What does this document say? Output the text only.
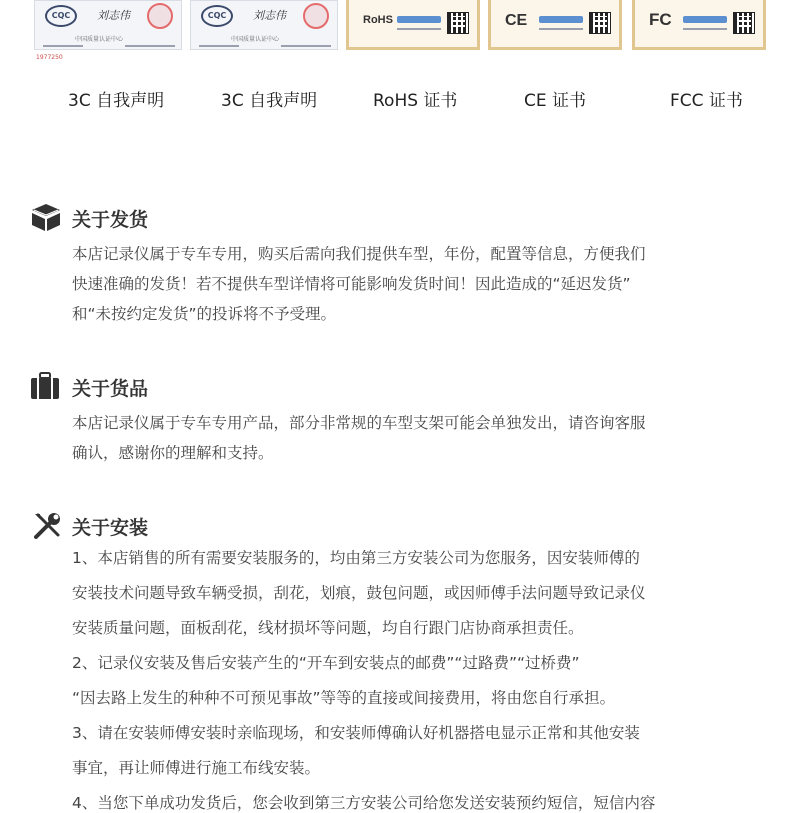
CQC	刘志伟
中国质量认证中心
CQC	刘志伟
中国质量认证中心
RoHS	CE	FC
1977250
3C 自我声明	3C 自我声明	RoHS 证书	CE 证书	FCC 证书
关于发货
本店记录仪属于专车专用，购买后需向我们提供车型，年份，配置等信息，方便我们
快速准确的发货！若不提供车型详情将可能影响发货时间！因此造成的“延迟发货”
和“未按约定发货”的投诉将不予受理。
关于货品
本店记录仪属于专车专用产品，部分非常规的车型支架可能会单独发出，请咨询客服
确认，感谢你的理解和支持。
关于安装
1、本店销售的所有需要安装服务的，均由第三方安装公司为您服务，因安装师傅的
安装技术问题导致车辆受损，刮花，划痕，鼓包问题，或因师傅手法问题导致记录仪
安装质量问题，面板刮花，线材损坏等问题，均自行跟门店协商承担责任。
2、记录仪安装及售后安装产生的“开车到安装点的邮费”“过路费”“过桥费”
“因去路上发生的种种不可预见事故”等等的直接或间接费用，将由您自行承担。
3、请在安装师傅安装时亲临现场，和安装师傅确认好机器搭电显示正常和其他安装
事宜，再让师傅进行施工布线安装。
4、当您下单成功发货后，您会收到第三方安装公司给您发送安装预约短信，短信内容
